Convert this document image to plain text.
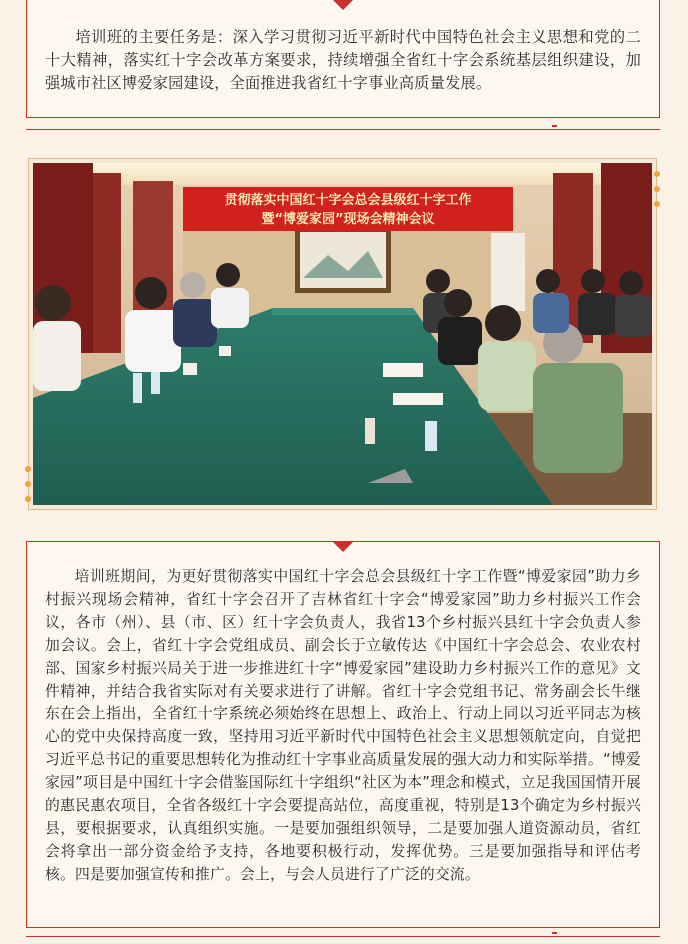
培训班的主要任务是：深入学习贯彻习近平新时代中国特色社会主义思想和党的二十大精神，落实红十字会改革方案要求，持续增强全省红十字会系统基层组织建设，加强城市社区博爱家园建设，全面推进我省红十字事业高质量发展。

贯彻落实中国红十字会总会县级红十字工作
暨“博爱家园”现场会精神会议

培训班期间，为更好贯彻落实中国红十字会总会县级红十字工作暨“博爱家园”助力乡村振兴现场会精神，省红十字会召开了吉林省红十字会“博爱家园”助力乡村振兴工作会议，各市（州）、县（市、区）红十字会负责人，我省13个乡村振兴县红十字会负责人参加会议。会上，省红十字会党组成员、副会长于立敏传达《中国红十字会总会、农业农村部、国家乡村振兴局关于进一步推进红十字“博爱家园”建设助力乡村振兴工作的意见》文件精神，并结合我省实际对有关要求进行了讲解。省红十字会党组书记、常务副会长牛继东在会上指出，全省红十字系统必须始终在思想上、政治上、行动上同以习近平同志为核心的党中央保持高度一致，坚持用习近平新时代中国特色社会主义思想领航定向，自觉把习近平总书记的重要思想转化为推动红十字事业高质量发展的强大动力和实际举措。“博爱家园”项目是中国红十字会借鉴国际红十字组织“社区为本”理念和模式，立足我国国情开展的惠民惠农项目，全省各级红十字会要提高站位，高度重视，特别是13个确定为乡村振兴县，要根据要求，认真组织实施。一是要加强组织领导，二是要加强人道资源动员，省红会将拿出一部分资金给予支持，各地要积极行动，发挥优势。三是要加强指导和评估考核。四是要加强宣传和推广。会上，与会人员进行了广泛的交流。
